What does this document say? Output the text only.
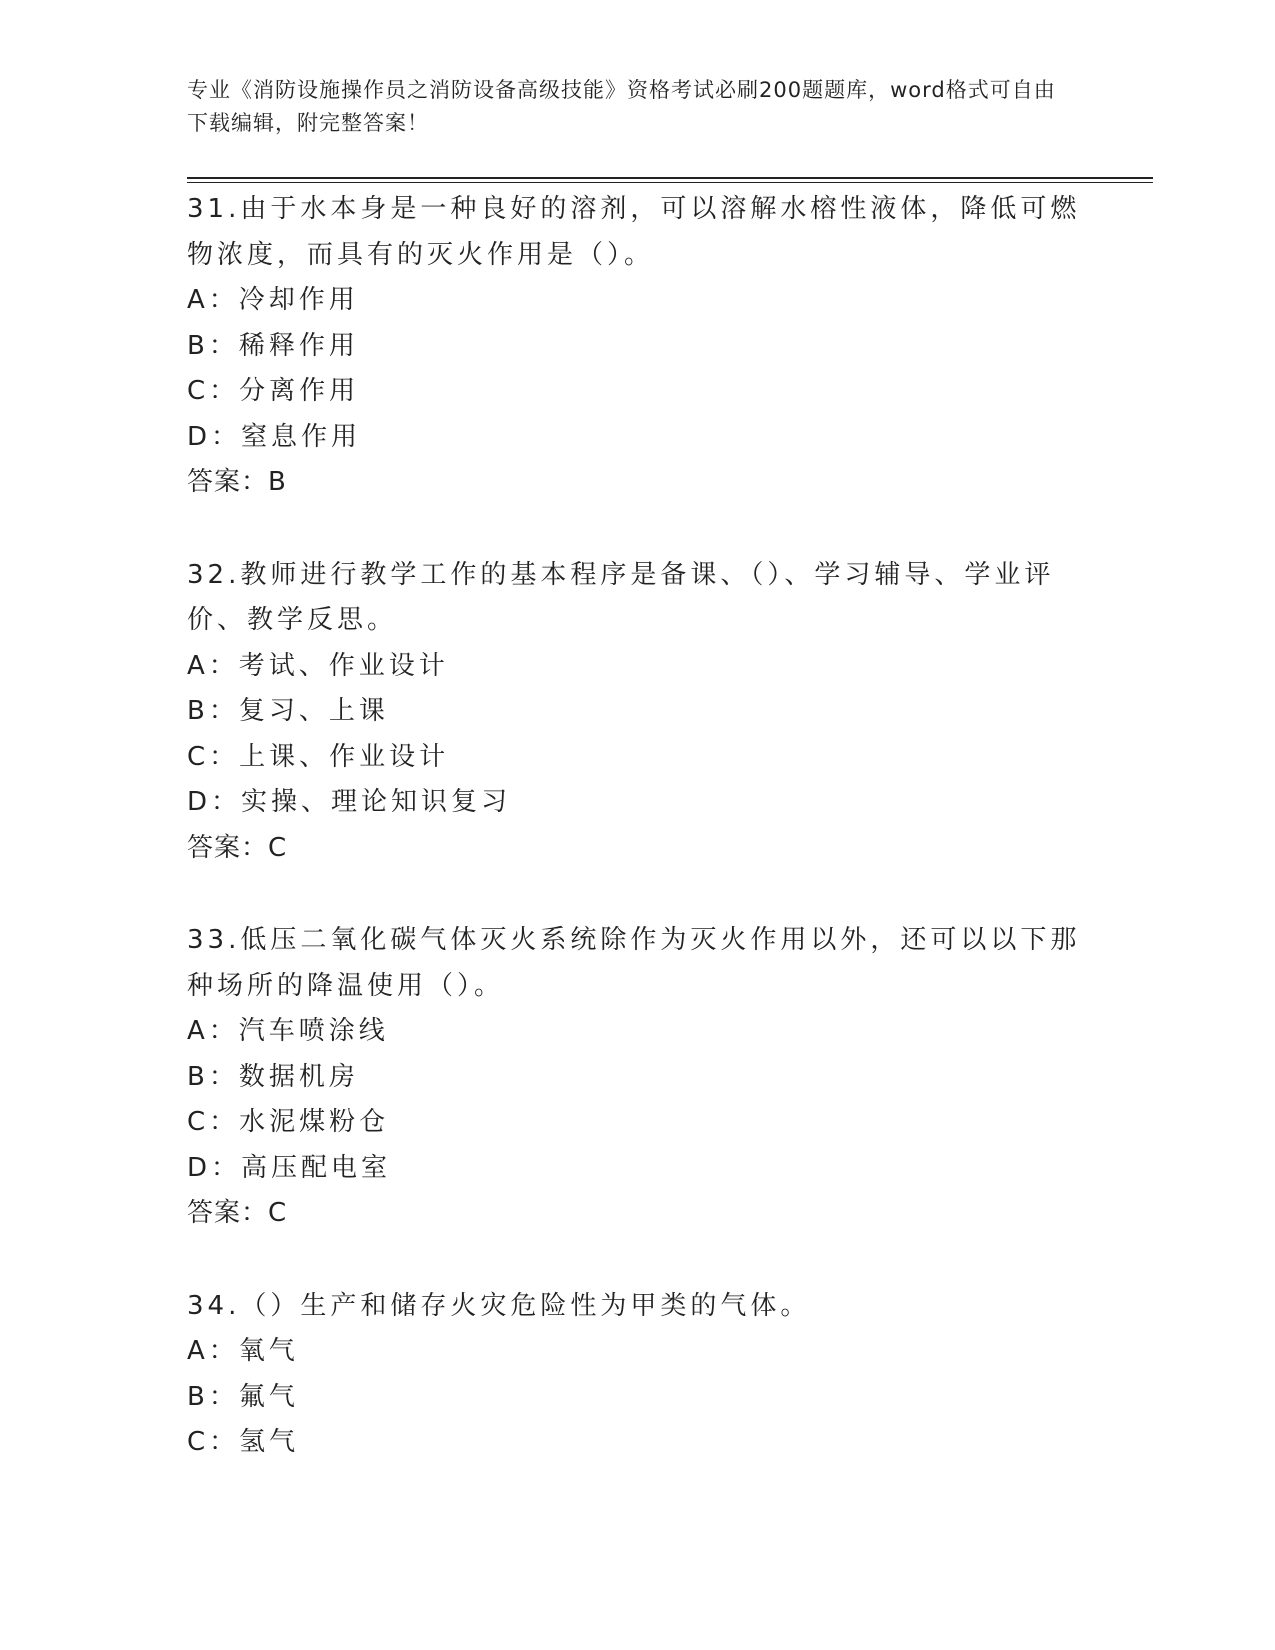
专业《消防设施操作员之消防设备高级技能》资格考试必刷200题题库，word格式可自由下载编辑，附完整答案！

31.由于水本身是一种良好的溶剂，可以溶解水榕性液体，降低可燃物浓度，而具有的灭火作用是（）。

A：冷却作用

B：稀释作用

C：分离作用

D：窒息作用

答案：B

32.教师进行教学工作的基本程序是备课、（）、学习辅导、学业评价、教学反思。

A：考试、作业设计

B：复习、上课

C：上课、作业设计

D：实操、理论知识复习

答案：C

33.低压二氧化碳气体灭火系统除作为灭火作用以外，还可以以下那种场所的降温使用（）。

A：汽车喷涂线

B：数据机房

C：水泥煤粉仓

D：高压配电室

答案：C

34.（）生产和储存火灾危险性为甲类的气体。

A：氧气

B：氟气

C：氢气
